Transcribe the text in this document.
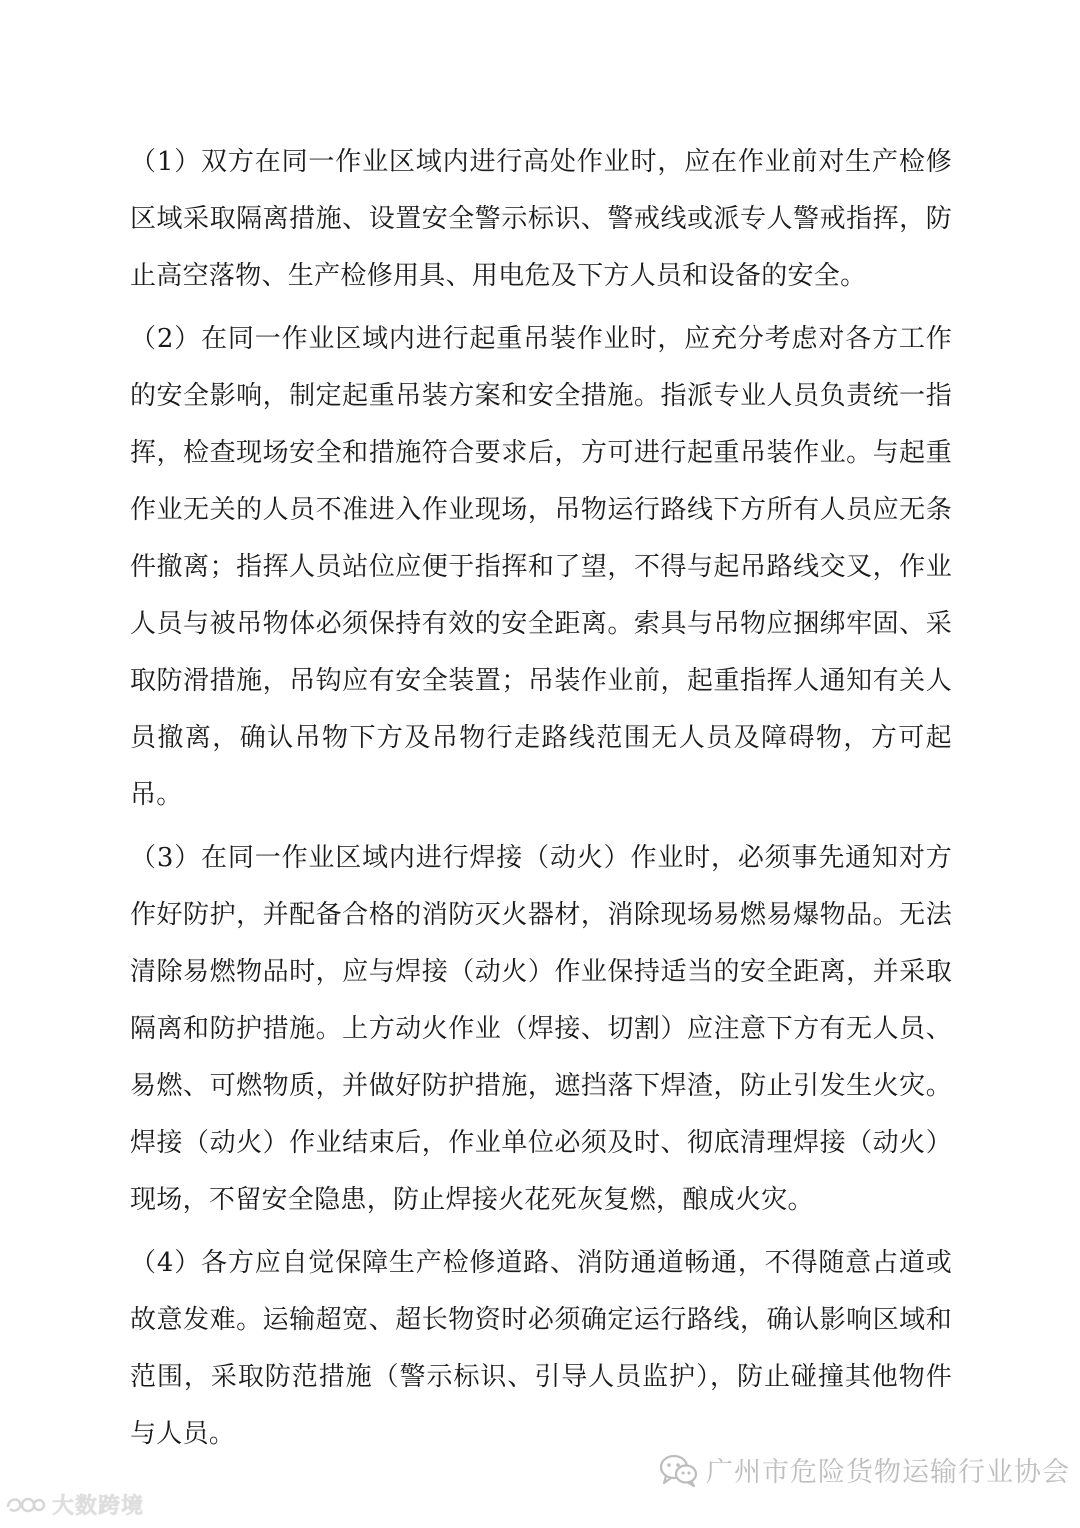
（1）双方在同一作业区域内进行高处作业时，应在作业前对生产检修区域采取隔离措施、设置安全警示标识、警戒线或派专人警戒指挥，防止高空落物、生产检修用具、用电危及下方人员和设备的安全。

（2）在同一作业区域内进行起重吊装作业时，应充分考虑对各方工作的安全影响，制定起重吊装方案和安全措施。指派专业人员负责统一指挥，检查现场安全和措施符合要求后，方可进行起重吊装作业。与起重作业无关的人员不准进入作业现场，吊物运行路线下方所有人员应无条件撤离；指挥人员站位应便于指挥和了望，不得与起吊路线交叉，作业人员与被吊物体必须保持有效的安全距离。索具与吊物应捆绑牢固、采取防滑措施，吊钩应有安全装置；吊装作业前，起重指挥人通知有关人员撤离，确认吊物下方及吊物行走路线范围无人员及障碍物，方可起吊。

（3）在同一作业区域内进行焊接（动火）作业时，必须事先通知对方作好防护，并配备合格的消防灭火器材，消除现场易燃易爆物品。无法清除易燃物品时，应与焊接（动火）作业保持适当的安全距离，并采取隔离和防护措施。上方动火作业（焊接、切割）应注意下方有无人员、易燃、可燃物质，并做好防护措施，遮挡落下焊渣，防止引发生火灾。焊接（动火）作业结束后，作业单位必须及时、彻底清理焊接（动火）现场，不留安全隐患，防止焊接火花死灰复燃，酿成火灾。

（4）各方应自觉保障生产检修道路、消防通道畅通，不得随意占道或故意发难。运输超宽、超长物资时必须确定运行路线，确认影响区域和范围，采取防范措施（警示标识、引导人员监护），防止碰撞其他物件与人员。

广州市危险货物运输行业协会
大数跨境
